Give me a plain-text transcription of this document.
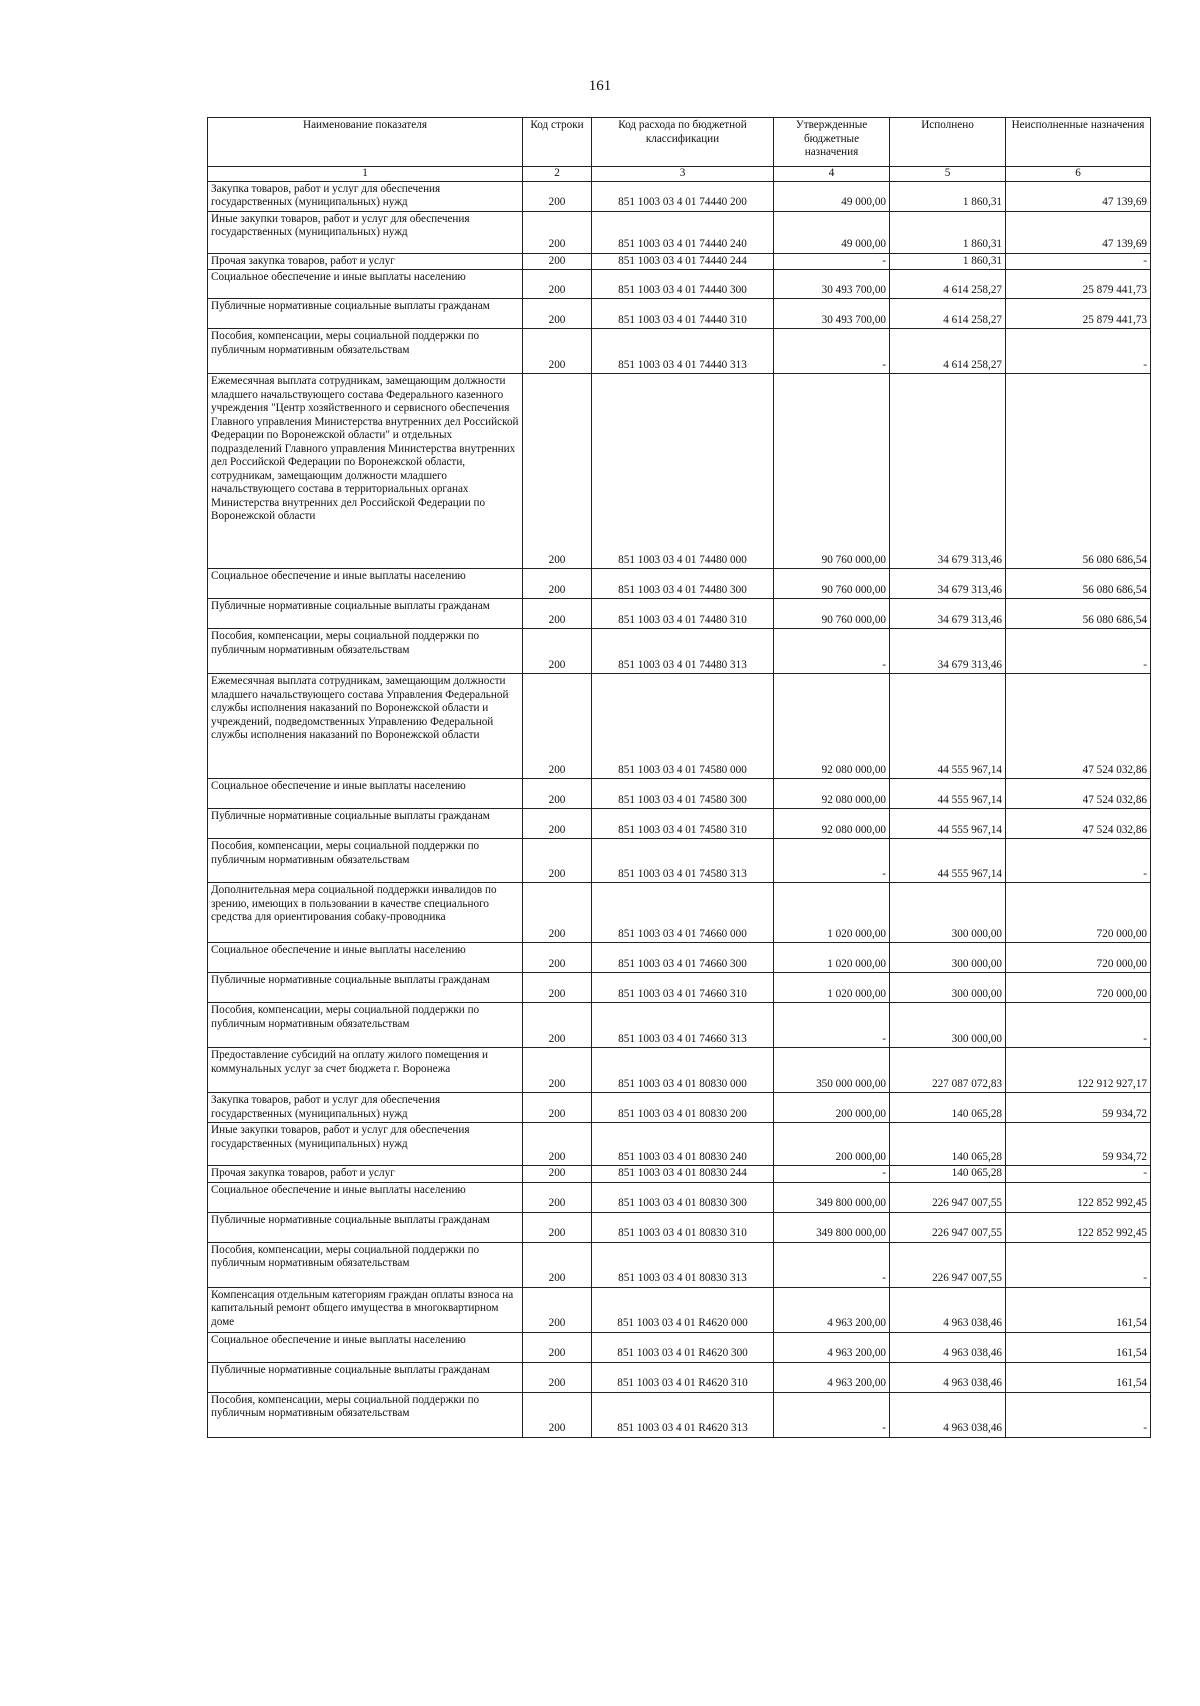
161
Наименование показателя	Код строки	Код расхода по бюджетной классификации	Утвержденные бюджетные назначения	Исполнено	Неисполненные назначения
1	2	3	4	5	6
Закупка товаров, работ и услуг для обеспечения государственных (муниципальных) нужд	200	851 1003 03 4 01 74440 200	49 000,00	1 860,31	47 139,69
Иные закупки товаров, работ и услуг для обеспечения государственных (муниципальных) нужд	200	851 1003 03 4 01 74440 240	49 000,00	1 860,31	47 139,69
Прочая закупка товаров, работ и услуг	200	851 1003 03 4 01 74440 244	-	1 860,31	-
Социальное обеспечение и иные выплаты населению	200	851 1003 03 4 01 74440 300	30 493 700,00	4 614 258,27	25 879 441,73
Публичные нормативные социальные выплаты гражданам	200	851 1003 03 4 01 74440 310	30 493 700,00	4 614 258,27	25 879 441,73
Пособия, компенсации, меры социальной поддержки по публичным нормативным обязательствам	200	851 1003 03 4 01 74440 313	-	4 614 258,27	-
Ежемесячная выплата сотрудникам, замещающим должности младшего начальствующего состава Федерального казенного учреждения "Центр хозяйственного и сервисного обеспечения Главного управления Министерства внутренних дел Российской Федерации по Воронежской области" и отдельных подразделений Главного управления Министерства внутренних дел Российской Федерации по Воронежской области, сотрудникам, замещающим должности младшего начальствующего состава в территориальных органах Министерства внутренних дел Российской Федерации по Воронежской области	200	851 1003 03 4 01 74480 000	90 760 000,00	34 679 313,46	56 080 686,54
Социальное обеспечение и иные выплаты населению	200	851 1003 03 4 01 74480 300	90 760 000,00	34 679 313,46	56 080 686,54
Публичные нормативные социальные выплаты гражданам	200	851 1003 03 4 01 74480 310	90 760 000,00	34 679 313,46	56 080 686,54
Пособия, компенсации, меры социальной поддержки по публичным нормативным обязательствам	200	851 1003 03 4 01 74480 313	-	34 679 313,46	-
Ежемесячная выплата сотрудникам, замещающим должности младшего начальствующего состава Управления Федеральной службы исполнения наказаний по Воронежской области и учреждений, подведомственных Управлению Федеральной службы исполнения наказаний по Воронежской области	200	851 1003 03 4 01 74580 000	92 080 000,00	44 555 967,14	47 524 032,86
Социальное обеспечение и иные выплаты населению	200	851 1003 03 4 01 74580 300	92 080 000,00	44 555 967,14	47 524 032,86
Публичные нормативные социальные выплаты гражданам	200	851 1003 03 4 01 74580 310	92 080 000,00	44 555 967,14	47 524 032,86
Пособия, компенсации, меры социальной поддержки по публичным нормативным обязательствам	200	851 1003 03 4 01 74580 313	-	44 555 967,14	-
Дополнительная мера социальной поддержки инвалидов по зрению, имеющих в пользовании в качестве специального средства для ориентирования собаку-проводника	200	851 1003 03 4 01 74660 000	1 020 000,00	300 000,00	720 000,00
Социальное обеспечение и иные выплаты населению	200	851 1003 03 4 01 74660 300	1 020 000,00	300 000,00	720 000,00
Публичные нормативные социальные выплаты гражданам	200	851 1003 03 4 01 74660 310	1 020 000,00	300 000,00	720 000,00
Пособия, компенсации, меры социальной поддержки по публичным нормативным обязательствам	200	851 1003 03 4 01 74660 313	-	300 000,00	-
Предоставление субсидий на оплату жилого помещения и коммунальных услуг за счет бюджета г. Воронежа	200	851 1003 03 4 01 80830 000	350 000 000,00	227 087 072,83	122 912 927,17
Закупка товаров, работ и услуг для обеспечения государственных (муниципальных) нужд	200	851 1003 03 4 01 80830 200	200 000,00	140 065,28	59 934,72
Иные закупки товаров, работ и услуг для обеспечения государственных (муниципальных) нужд	200	851 1003 03 4 01 80830 240	200 000,00	140 065,28	59 934,72
Прочая закупка товаров, работ и услуг	200	851 1003 03 4 01 80830 244	-	140 065,28	-
Социальное обеспечение и иные выплаты населению	200	851 1003 03 4 01 80830 300	349 800 000,00	226 947 007,55	122 852 992,45
Публичные нормативные социальные выплаты гражданам	200	851 1003 03 4 01 80830 310	349 800 000,00	226 947 007,55	122 852 992,45
Пособия, компенсации, меры социальной поддержки по публичным нормативным обязательствам	200	851 1003 03 4 01 80830 313	-	226 947 007,55	-
Компенсация отдельным категориям граждан оплаты взноса на капитальный ремонт общего имущества в многоквартирном доме	200	851 1003 03 4 01 R4620 000	4 963 200,00	4 963 038,46	161,54
Социальное обеспечение и иные выплаты населению	200	851 1003 03 4 01 R4620 300	4 963 200,00	4 963 038,46	161,54
Публичные нормативные социальные выплаты гражданам	200	851 1003 03 4 01 R4620 310	4 963 200,00	4 963 038,46	161,54
Пособия, компенсации, меры социальной поддержки по публичным нормативным обязательствам	200	851 1003 03 4 01 R4620 313	-	4 963 038,46	-
